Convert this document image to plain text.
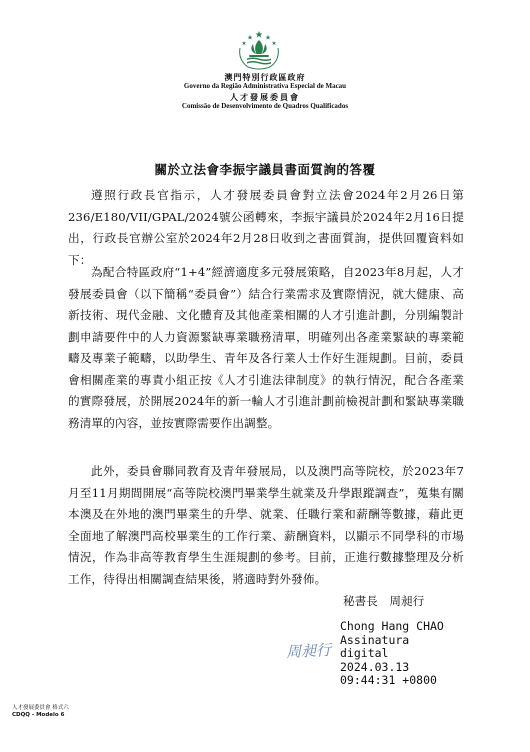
澳門特別行政區政府
Governo da Região Administrativa Especial de Macau
人才發展委員會
Comissão de Desenvolvimento de Quadros Qualificados
關於立法會李振宇議員書面質詢的答覆
遵照行政長官指示，人才發展委員會對立法會2024年2月26日第236/E180/VII/GPAL/2024號公函轉來，李振宇議員於2024年2月16日提出，行政長官辦公室於2024年2月28日收到之書面質詢，提供回覆資料如下：
為配合特區政府“1+4”經濟適度多元發展策略，自2023年8月起，人才發展委員會（以下簡稱“委員會”）結合行業需求及實際情況，就大健康、高新技術、現代金融、文化體育及其他產業相關的人才引進計劃，分別編製計劃申請要件中的人力資源緊缺專業職務清單，明確列出各產業緊缺的專業範疇及專業子範疇，以助學生、青年及各行業人士作好生涯規劃。目前，委員會相關產業的專責小組正按《人才引進法律制度》的執行情況，配合各產業的實際發展，於開展2024年的新一輪人才引進計劃前檢視計劃和緊缺專業職務清單的內容，並按實際需要作出調整。
此外，委員會聯同教育及青年發展局，以及澳門高等院校，於2023年7月至11月期間開展“高等院校澳門畢業學生就業及升學跟蹤調查”，蒐集有關本澳及在外地的澳門畢業生的升學、就業、任職行業和薪酬等數據，藉此更全面地了解澳門高校畢業生的工作行業、薪酬資料，以顯示不同學科的市場情況，作為非高等教育學生生涯規劃的參考。目前，正進行數據整理及分析工作，待得出相關調查結果後，將適時對外發佈。
秘書長　周昶行
周昶行
Chong Hang CHAO
Assinatura
digital
2024.03.13
09:44:31 +0800
人才發展委員會 格式六
CDQQ - Modelo 6
